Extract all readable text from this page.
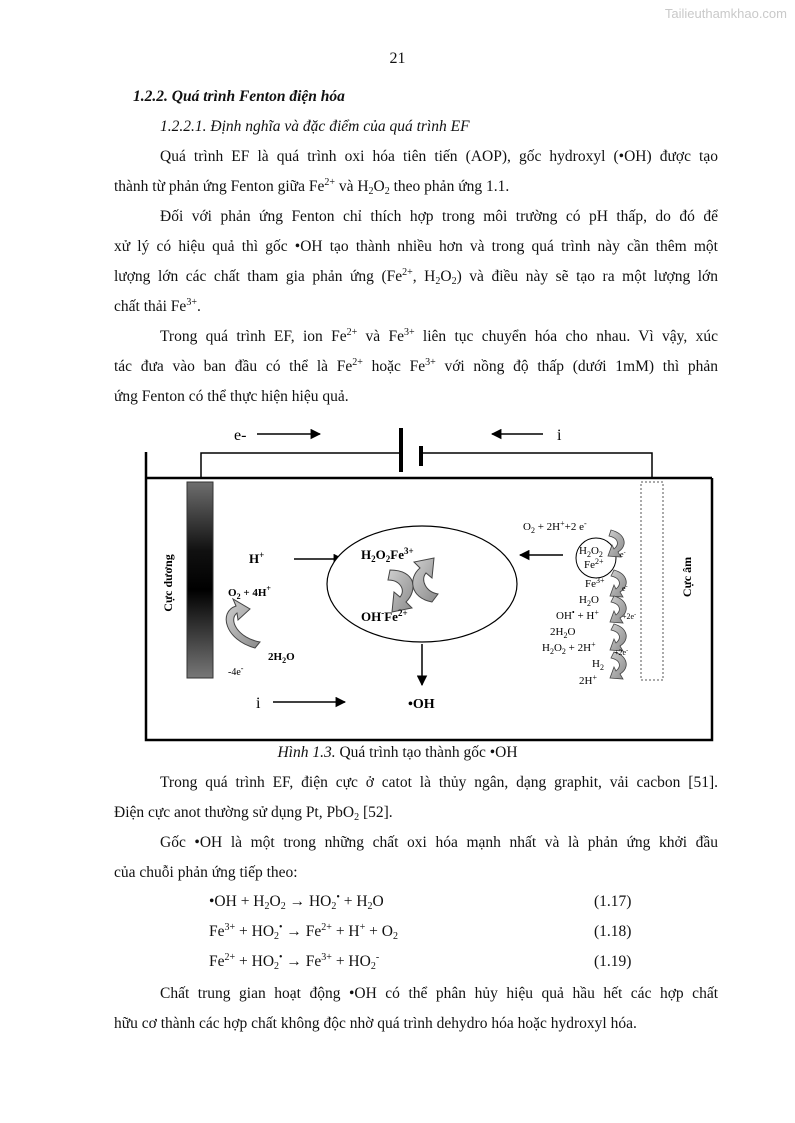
Tailieuthamkhao.com
21
1.2.2. Quá trình Fenton điện hóa
1.2.2.1. Định nghĩa và đặc điểm của quá trình EF
Quá trình EF là quá trình oxi hóa tiên tiến (AOP), gốc hydroxyl (•OH) được tạo
thành từ phản ứng Fenton giữa $Fe^{2+}$ và $H_2O_2$ theo phản ứng 1.1.
Đối với phản ứng Fenton chỉ thích hợp trong môi trường có pH thấp, do đó để
xử lý có hiệu quả thì gốc •OH tạo thành nhiều hơn và trong quá trình này cần thêm một
lượng lớn các chất tham gia phản ứng ($Fe^{2+}$, $H_2O_2$) và điều này sẽ tạo ra một lượng lớn
chất thải $Fe^{3+}$.
Trong quá trình EF, ion $Fe^{2+}$ và $Fe^{3+}$ liên tục chuyển hóa cho nhau. Vì vậy, xúc
tác đưa vào ban đầu có thể là $Fe^{2+}$ hoặc $Fe^{3+}$ với nồng độ thấp (dưới 1mM) thì phản
ứng Fenton có thể thực hiện hiệu quả.
e-	i
Cực dương	Cực âm
H+
$O_2 + 4H^+$
$2H_2O$
-4e-
$H_2O_2Fe^{3+}$
$OH^-Fe^{2+}$
•OH
i
$O_2 + 2H^++2$ e-
$H_2O_2$
$Fe^{2+}$
$Fe^{3+}$
$H_2O$
OH• + H+
$2H_2O$
$H_2O_2 + 2H^+$
$H_2$
2H+
e-
e-
+2e-
+2e-
Hình 1.3. Quá trình tạo thành gốc •OH
Trong quá trình EF, điện cực ở catot là thủy ngân, dạng graphit, vải cacbon [51].
Điện cực anot thường sử dụng Pt, PbO$_2$ [52].
Gốc •OH là một trong những chất oxi hóa mạnh nhất và là phản ứng khởi đầu
của chuỗi phản ứng tiếp theo:
•OH + $H_2O_2 \to HO_2^• + H_2O$	(1.17)
$Fe^{3+} + HO_2^• \to Fe^{2+} + H^+ + O_2$	(1.18)
$Fe^{2+} + HO_2^• \to Fe^{3+} + HO_2^-$	(1.19)
Chất trung gian hoạt động •OH có thể phân hủy hiệu quả hầu hết các hợp chất
hữu cơ thành các hợp chất không độc nhờ quá trình dehydro hóa hoặc hydroxyl hóa.
